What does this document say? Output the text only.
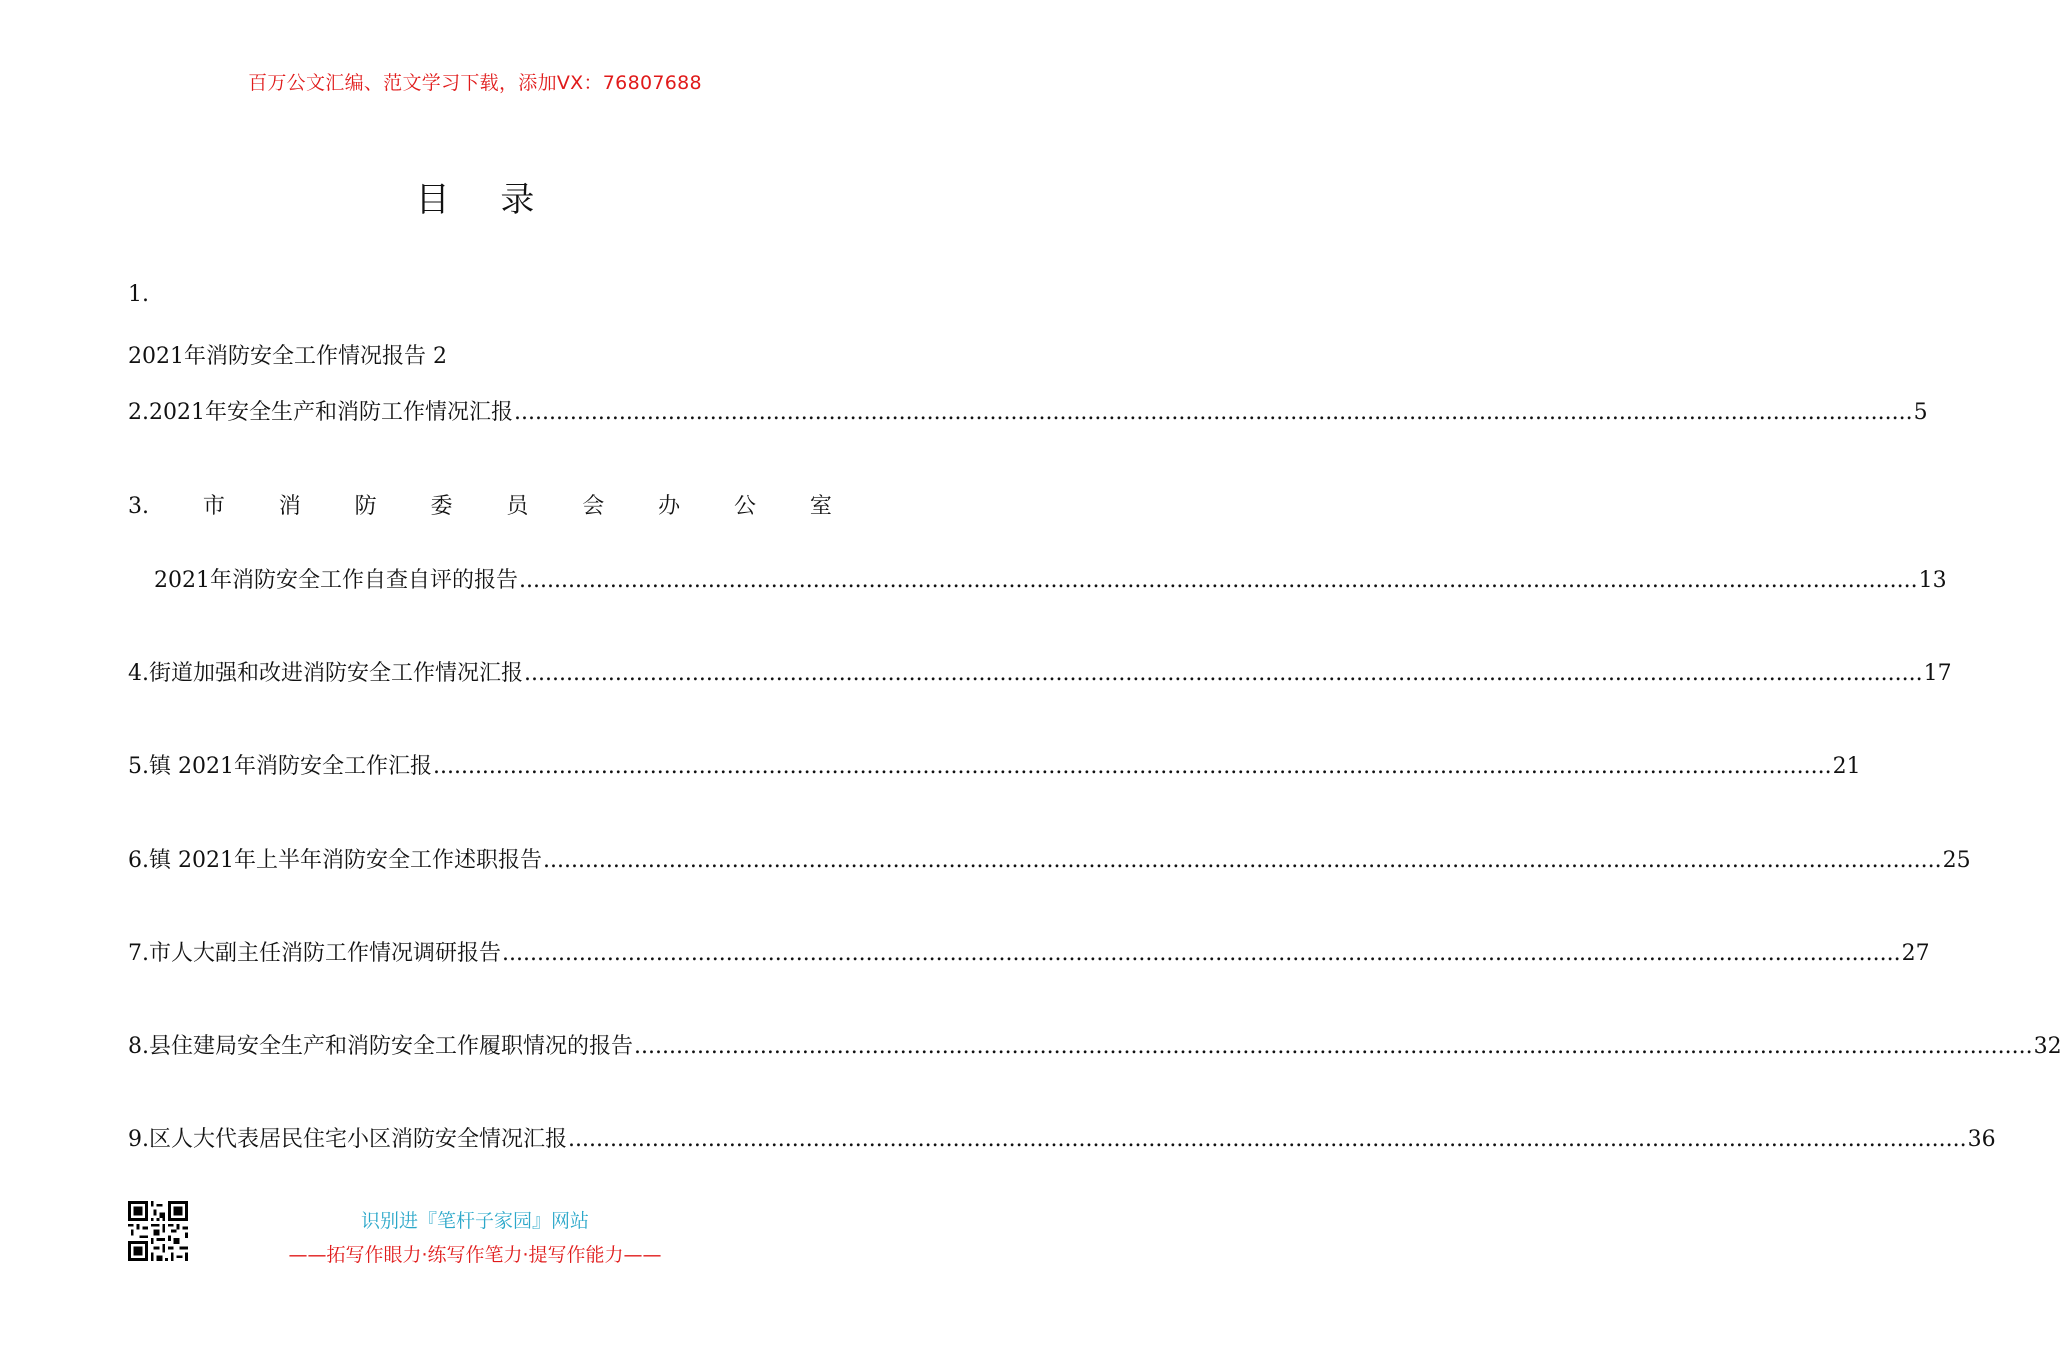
百万公文汇编、范文学习下载，添加VX：76807688
目 录
1.
2021年消防安全工作情况报告 2
2.2021年安全生产和消防工作情况汇报 ........................................................................................................................................................................................................ 5
3. 市 消 防 委 员 会 办 公 室
2021年消防安全工作自查自评的报告 ........................................................................................................................................................................................................ 13
4.街道加强和改进消防安全工作情况汇报 ........................................................................................................................................................................................................ 17
5.镇 2021年消防安全工作汇报 ........................................................................................................................................................................................................ 21
6.镇 2021年上半年消防安全工作述职报告 ........................................................................................................................................................................................................ 25
7.市人大副主任消防工作情况调研报告 ........................................................................................................................................................................................................ 27
8.县住建局安全生产和消防安全工作履职情况的报告 ........................................................................................................................................................................................................ 32
9.区人大代表居民住宅小区消防安全情况汇报 ........................................................................................................................................................................................................ 36
识别进『笔杆子家园』网站
——拓写作眼力·练写作笔力·提写作能力——
